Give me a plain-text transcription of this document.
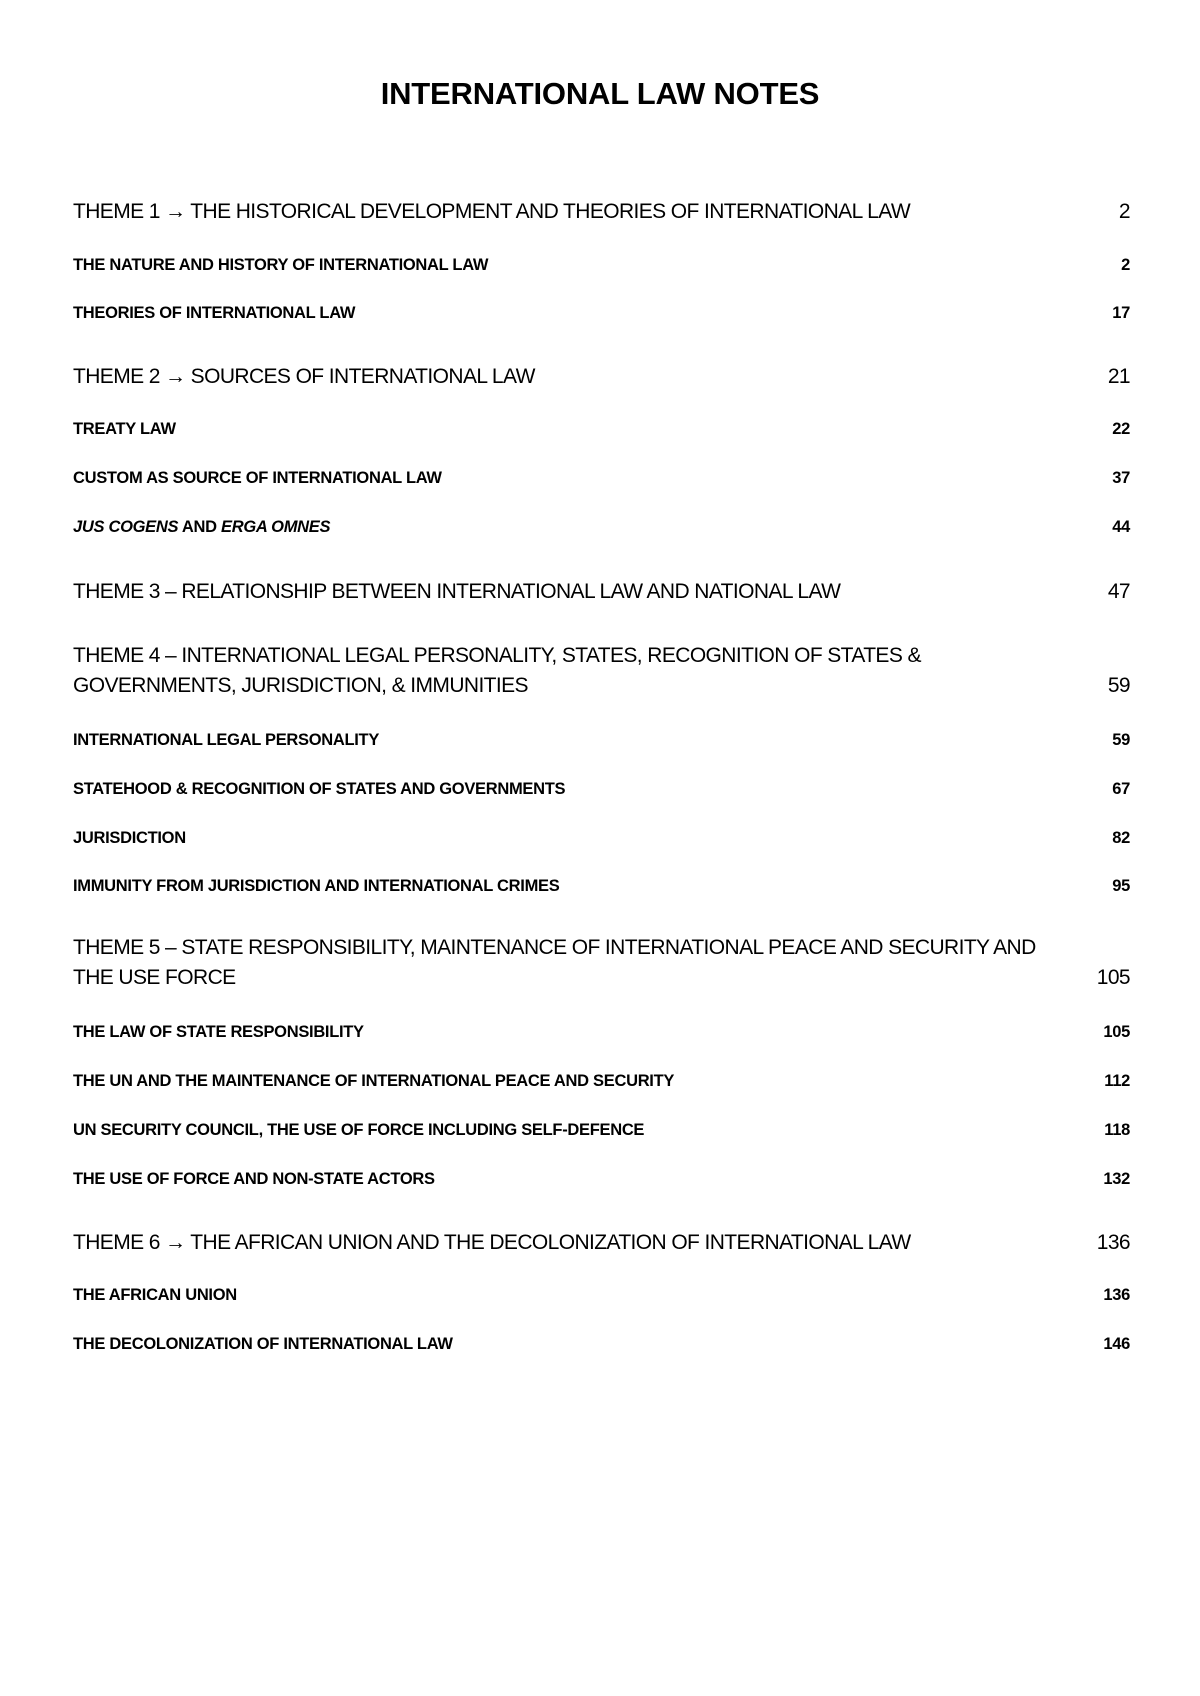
INTERNATIONAL LAW NOTES
THEME 1 → THE HISTORICAL DEVELOPMENT AND THEORIES OF INTERNATIONAL LAW	2
THE NATURE AND HISTORY OF INTERNATIONAL LAW	2
THEORIES OF INTERNATIONAL LAW	17
THEME 2 → SOURCES OF INTERNATIONAL LAW	21
TREATY LAW	22
CUSTOM AS SOURCE OF INTERNATIONAL LAW	37
JUS COGENS AND ERGA OMNES	44
THEME 3 – RELATIONSHIP BETWEEN INTERNATIONAL LAW AND NATIONAL LAW	47
THEME 4 – INTERNATIONAL LEGAL PERSONALITY, STATES, RECOGNITION OF STATES & GOVERNMENTS, JURISDICTION, & IMMUNITIES	59
INTERNATIONAL LEGAL PERSONALITY	59
STATEHOOD & RECOGNITION OF STATES AND GOVERNMENTS	67
JURISDICTION	82
IMMUNITY FROM JURISDICTION AND INTERNATIONAL CRIMES	95
THEME 5 – STATE RESPONSIBILITY, MAINTENANCE OF INTERNATIONAL PEACE AND SECURITY AND THE USE FORCE	105
THE LAW OF STATE RESPONSIBILITY	105
THE UN AND THE MAINTENANCE OF INTERNATIONAL PEACE AND SECURITY	112
UN SECURITY COUNCIL, THE USE OF FORCE INCLUDING SELF-DEFENCE	118
THE USE OF FORCE AND NON-STATE ACTORS	132
THEME 6 → THE AFRICAN UNION AND THE DECOLONIZATION OF INTERNATIONAL LAW	136
THE AFRICAN UNION	136
THE DECOLONIZATION OF INTERNATIONAL LAW	146
